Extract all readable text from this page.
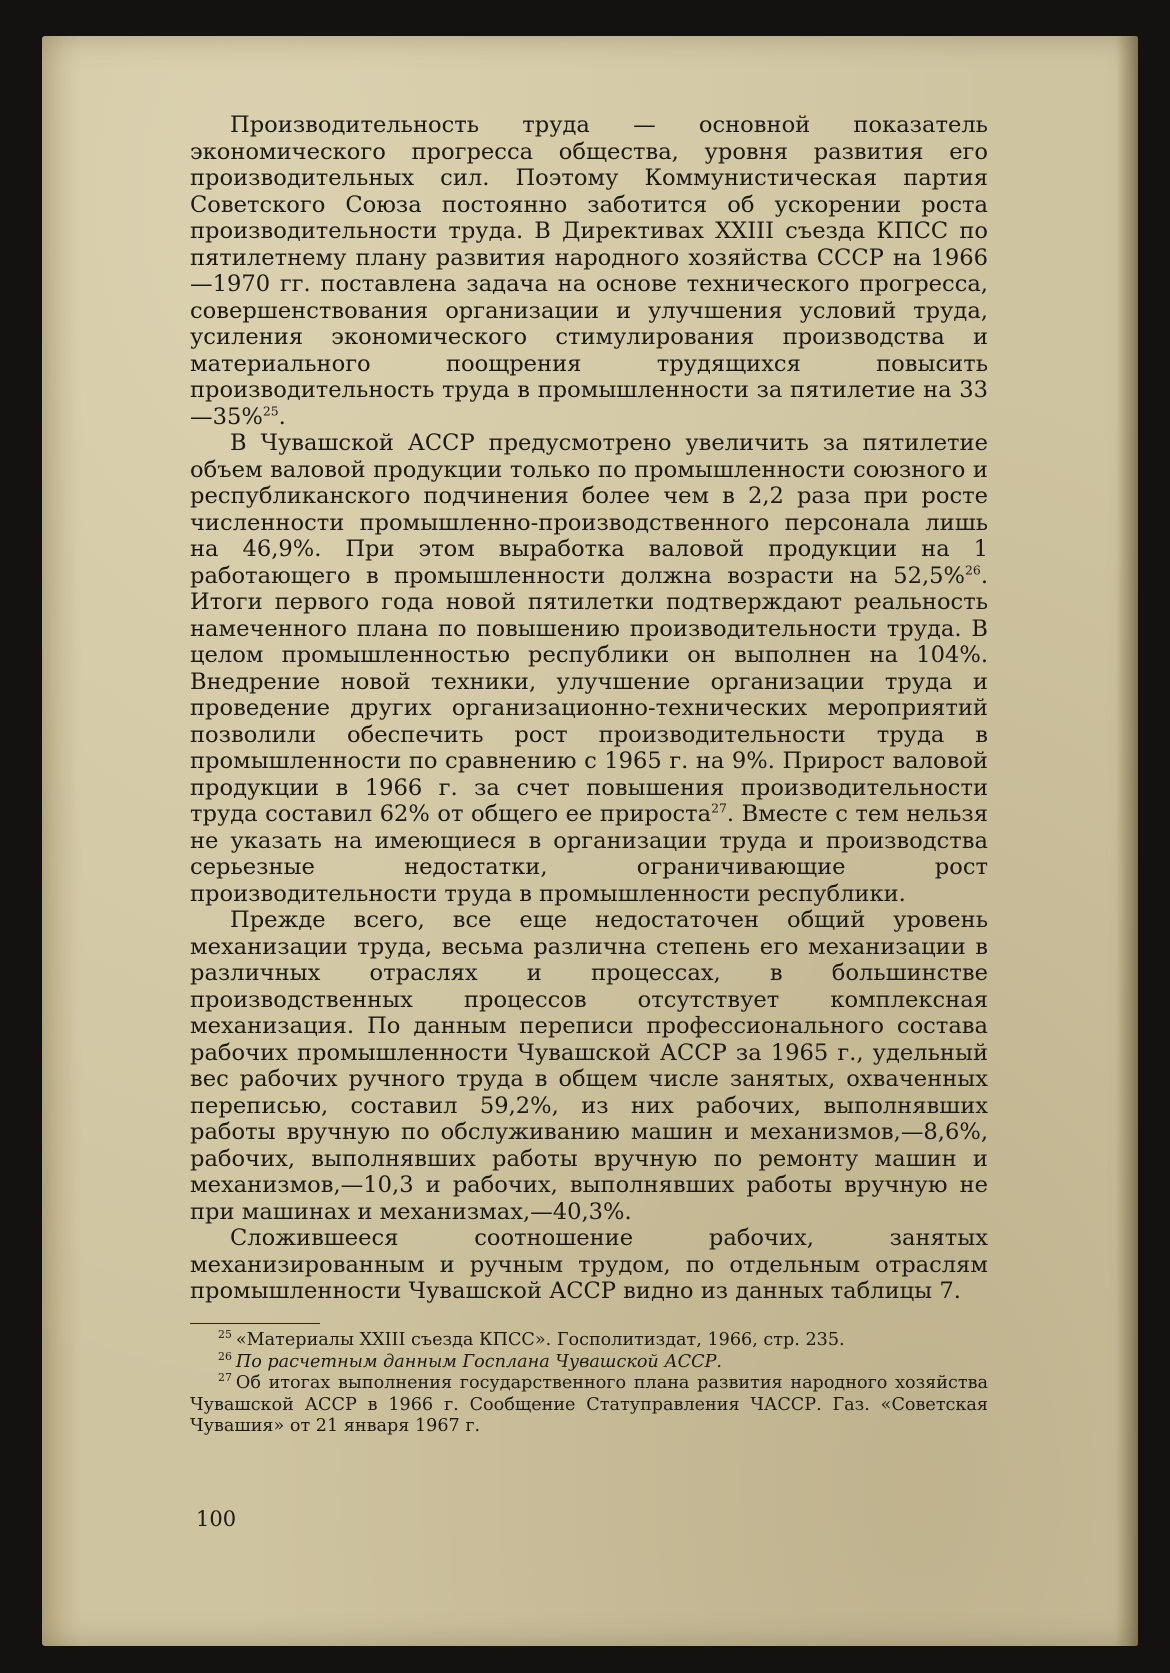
Производительность труда — основной показатель экономического прогресса общества, уровня развития его производительных сил. Поэтому Коммунистическая партия Советского Союза постоянно заботится об ускорении роста производительности труда. В Директивах XXIII съезда КПСС по пятилетнему плану развития народного хозяйства СССР на 1966—1970 гг. поставлена задача на основе технического прогресса, совершенствования организации и улучшения условий труда, усиления экономического стимулирования производства и материального поощрения трудящихся повысить производительность труда в промышленности за пятилетие на 33—35%$^{25}$.

В Чувашской АССР предусмотрено увеличить за пятилетие объем валовой продукции только по промышленности союзного и республиканского подчинения более чем в 2,2 раза при росте численности промышленно-производственного персонала лишь на 46,9%. При этом выработка валовой продукции на 1 работающего в промышленности должна возрасти на 52,5%$^{26}$. Итоги первого года новой пятилетки подтверждают реальность намеченного плана по повышению производительности труда. В целом промышленностью республики он выполнен на 104%. Внедрение новой техники, улучшение организации труда и проведение других организационно-технических мероприятий позволили обеспечить рост производительности труда в промышленности по сравнению с 1965 г. на 9%. Прирост валовой продукции в 1966 г. за счет повышения производительности труда составил 62% от общего ее прироста$^{27}$. Вместе с тем нельзя не указать на имеющиеся в организации труда и производства серьезные недостатки, ограничивающие рост производительности труда в промышленности республики.

Прежде всего, все еще недостаточен общий уровень механизации труда, весьма различна степень его механизации в различных отраслях и процессах, в большинстве производственных процессов отсутствует комплексная механизация. По данным переписи профессионального состава рабочих промышленности Чувашской АССР за 1965 г., удельный вес рабочих ручного труда в общем числе занятых, охваченных переписью, составил 59,2%, из них рабочих, выполнявших работы вручную по обслуживанию машин и механизмов,—8,6%, рабочих, выполнявших работы вручную по ремонту машин и механизмов,—10,3 и рабочих, выполнявших работы вручную не при машинах и механизмах,—40,3%.

Сложившееся соотношение рабочих, занятых механизированным и ручным трудом, по отдельным отраслям промышленности Чувашской АССР видно из данных таблицы 7.

$^{25}$ «Материалы XXIII съезда КПСС». Госполитиздат, 1966, стр. 235.

$^{26}$ По расчетным данным Госплана Чувашской АССР.

$^{27}$ Об итогах выполнения государственного плана развития народного хозяйства Чувашской АССР в 1966 г. Сообщение Статуправления ЧАССР. Газ. «Советская Чувашия» от 21 января 1967 г.

100
